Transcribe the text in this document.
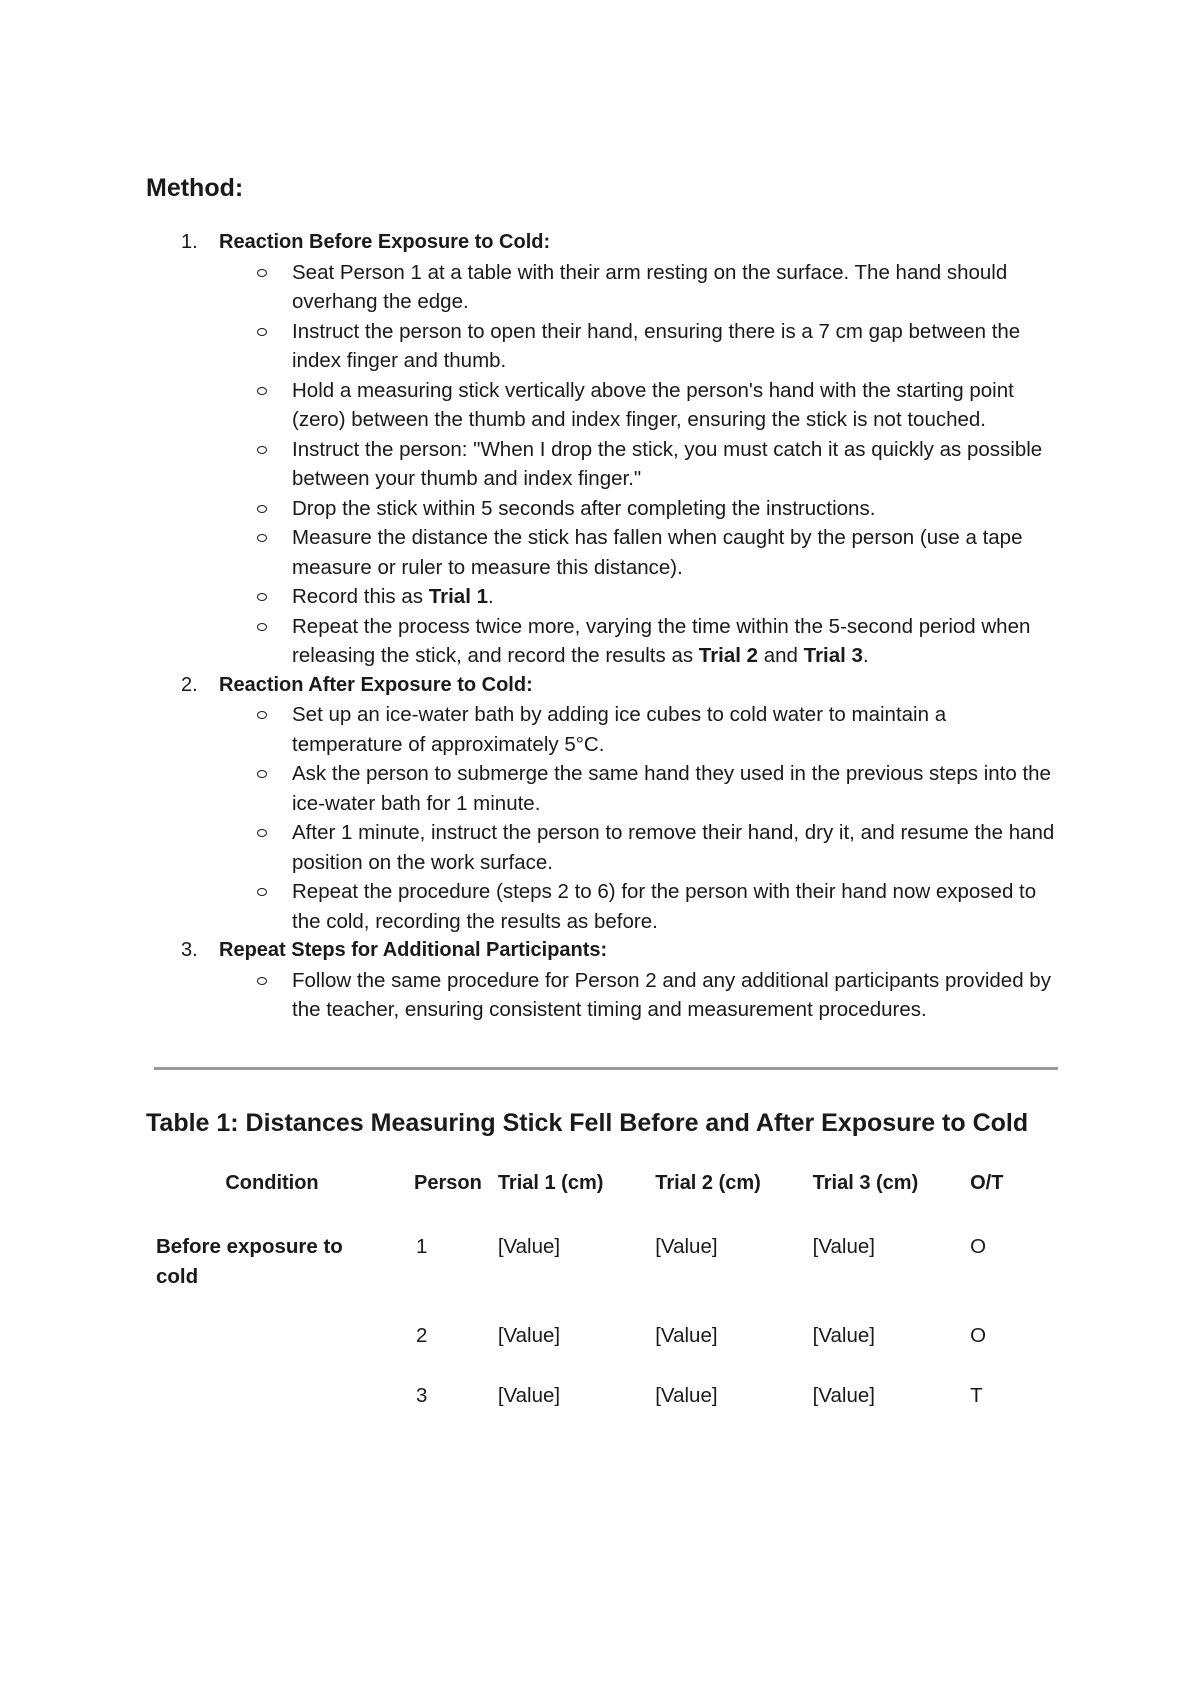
Method:
1. Reaction Before Exposure to Cold:
Seat Person 1 at a table with their arm resting on the surface. The hand should overhang the edge.
Instruct the person to open their hand, ensuring there is a 7 cm gap between the index finger and thumb.
Hold a measuring stick vertically above the person's hand with the starting point (zero) between the thumb and index finger, ensuring the stick is not touched.
Instruct the person: "When I drop the stick, you must catch it as quickly as possible between your thumb and index finger."
Drop the stick within 5 seconds after completing the instructions.
Measure the distance the stick has fallen when caught by the person (use a tape measure or ruler to measure this distance).
Record this as Trial 1.
Repeat the process twice more, varying the time within the 5-second period when releasing the stick, and record the results as Trial 2 and Trial 3.
2. Reaction After Exposure to Cold:
Set up an ice-water bath by adding ice cubes to cold water to maintain a temperature of approximately 5°C.
Ask the person to submerge the same hand they used in the previous steps into the ice-water bath for 1 minute.
After 1 minute, instruct the person to remove their hand, dry it, and resume the hand position on the work surface.
Repeat the procedure (steps 2 to 6) for the person with their hand now exposed to the cold, recording the results as before.
3. Repeat Steps for Additional Participants:
Follow the same procedure for Person 2 and any additional participants provided by the teacher, ensuring consistent timing and measurement procedures.
Table 1: Distances Measuring Stick Fell Before and After Exposure to Cold
Condition	Person	Trial 1 (cm)	Trial 2 (cm)	Trial 3 (cm)	O/T
Before exposure to cold	1	[Value]	[Value]	[Value]	O
	2	[Value]	[Value]	[Value]	O
	3	[Value]	[Value]	[Value]	T
